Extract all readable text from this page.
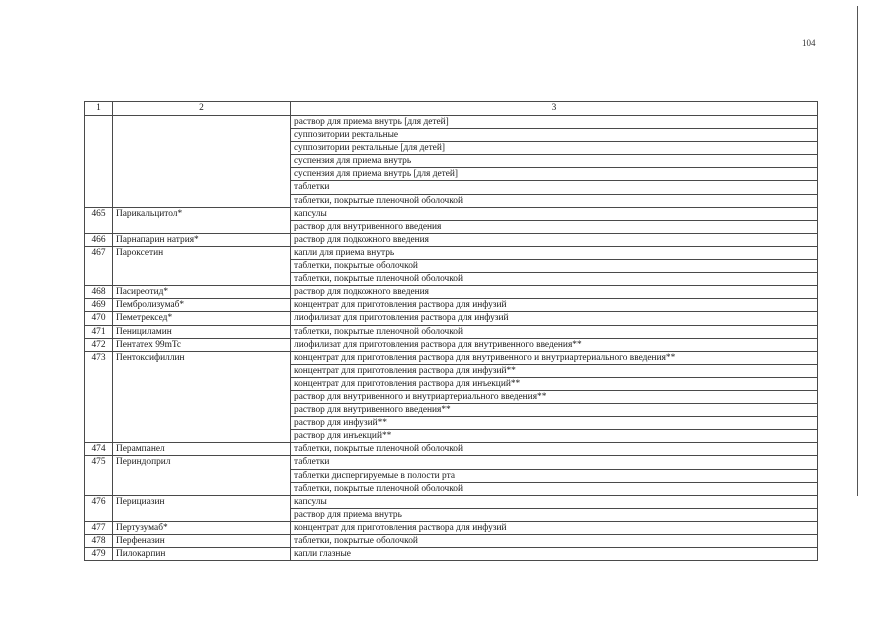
104
1	2	3
		раствор для приема внутрь [для детей]
		суппозитории ректальные
		суппозитории ректальные [для детей]
		суспензия для приема внутрь
		суспензия для приема внутрь [для детей]
		таблетки
		таблетки, покрытые пленочной оболочкой
465	Парикальцитол*	капсулы
		раствор для внутривенного введения
466	Парнапарин натрия*	раствор для подкожного введения
467	Пароксетин	капли для приема внутрь
		таблетки, покрытые оболочкой
		таблетки, покрытые пленочной оболочкой
468	Пасиреотид*	раствор для подкожного введения
469	Пембролизумаб*	концентрат для приготовления раствора для инфузий
470	Пеметрексед*	лиофилизат для приготовления раствора для инфузий
471	Пенициламин	таблетки, покрытые пленочной оболочкой
472	Пентатех 99mTc	лиофилизат для приготовления раствора для внутривенного введения**
473	Пентоксифиллин	концентрат для приготовления раствора для внутривенного и внутриартериального введения**
		концентрат для приготовления раствора для инфузий**
		концентрат для приготовления раствора для инъекций**
		раствор для внутривенного и внутриартериального введения**
		раствор для внутривенного введения**
		раствор для инфузий**
		раствор для инъекций**
474	Перампанел	таблетки, покрытые пленочной оболочкой
475	Периндоприл	таблетки
		таблетки диспергируемые в полости рта
		таблетки, покрытые пленочной оболочкой
476	Перициазин	капсулы
		раствор для приема внутрь
477	Пертузумаб*	концентрат для приготовления раствора для инфузий
478	Перфеназин	таблетки, покрытые оболочкой
479	Пилокарпин	капли глазные
